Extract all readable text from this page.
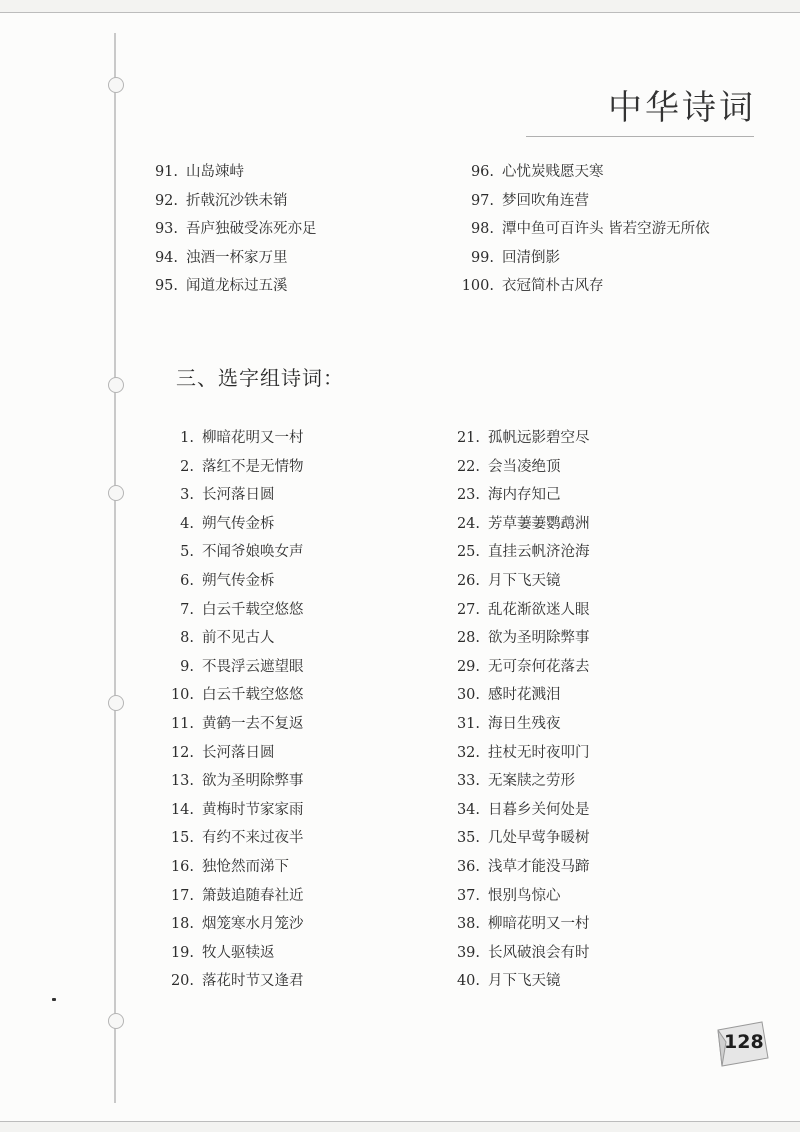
中华诗词
91. 山岛竦峙
92. 折戟沉沙铁未销
93. 吾庐独破受冻死亦足
94. 浊酒一杯家万里
95. 闻道龙标过五溪
96. 心忧炭贱愿天寒
97. 梦回吹角连营
98. 潭中鱼可百许头 皆若空游无所依
99. 回清倒影
100. 衣冠简朴古风存
三、选字组诗词：
1. 柳暗花明又一村
2. 落红不是无情物
3. 长河落日圆
4. 朔气传金柝
5. 不闻爷娘唤女声
6. 朔气传金柝
7. 白云千载空悠悠
8. 前不见古人
9. 不畏浮云遮望眼
10. 白云千载空悠悠
11. 黄鹤一去不复返
12. 长河落日圆
13. 欲为圣明除弊事
14. 黄梅时节家家雨
15. 有约不来过夜半
16. 独怆然而涕下
17. 箫鼓追随春社近
18. 烟笼寒水月笼沙
19. 牧人驱犊返
20. 落花时节又逢君
21. 孤帆远影碧空尽
22. 会当凌绝顶
23. 海内存知己
24. 芳草萋萋鹦鹉洲
25. 直挂云帆济沧海
26. 月下飞天镜
27. 乱花渐欲迷人眼
28. 欲为圣明除弊事
29. 无可奈何花落去
30. 感时花溅泪
31. 海日生残夜
32. 拄杖无时夜叩门
33. 无案牍之劳形
34. 日暮乡关何处是
35. 几处早莺争暖树
36. 浅草才能没马蹄
37. 恨别鸟惊心
38. 柳暗花明又一村
39. 长风破浪会有时
40. 月下飞天镜
128
